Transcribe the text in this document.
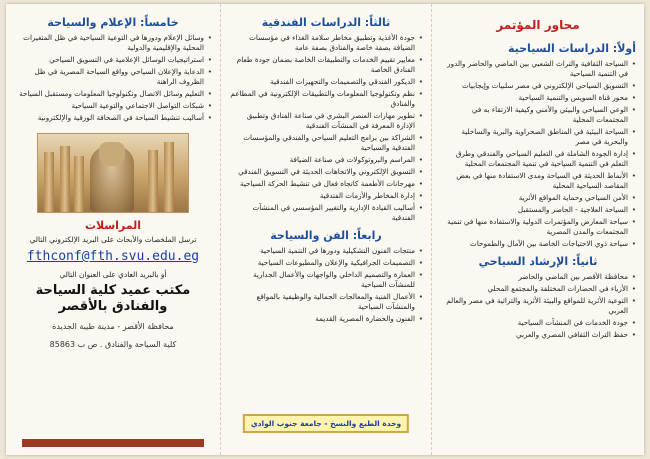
محاور المؤتمر
أولاً: الدراسات السياحية
• السياحة الثقافية والتراث الشعبي بين الماضي والحاضر والدور في التنمية السياحية
• التسويق السياحي الإلكتروني في مصر سلبيات وإيجابيات
• محور قناة السويس والتنمية السياحية
• الوعي السياحي والبيئي والأمني وكيفية الارتقاء به في المجتمعات المحلية
• السياحة البيئية في المناطق الصحراوية والبرية والساحلية والبحرية في مصر
• إدارة الجودة الشاملة في التعليم السياحي والفندقي وطرق التعلم في التنمية السياحية في تنمية المجتمعات المحلية
• الأنماط الحديثة في السياحة ومدى الاستفادة منها في بعض المقاصد السياحية المحلية
• الأمن السياحي وحماية المواقع الأثرية
• السياحة العلاجية - الحاضر والمستقبل
• سياحة المعارض والمؤتمرات الدولية والاستفادة منها في تنمية المجتمعات والمدن المصرية
• سياحة ذوي الاحتياجات الخاصة بين الآمال والطموحات
ثانياً: الإرشاد السياحي
• محافظة الأقصر بين الماضي والحاضر
• الأزياء في الحضارات المختلفة والمجتمع المحلي
• التوعية الأثرية للمواقع والبيئة الأثرية والتراثية في مصر والعالم العربي
• جودة الخدمات في المنشآت السياحية
• حفظ التراث الثقافي المصري والعربي
ثالثاً: الدراسات الفندقية
• جودة الأغذية وتطبيق مخاطر سلامة الغذاء في مؤسسات الضيافة بصفة خاصة والفنادق بصفة عامة
• معايير تقييم الخدمات والتطبيقات الخاصة بضمان جودة طعام الفنادق الخاصة
• الديكور الفندقي والتصميمات والتجهيزات الفندقية
• نظم وتكنولوجيا المعلومات والتطبيقات الإلكترونية في المطاعم والفنادق
• تطوير مهارات العنصر البشري في صناعة الفنادق وتطبيق الإدارة المعرفة في المنشآت الفندقية
• الشراكة بين برامج التعليم السياحي والفندقي والمؤسسات الفندقية والسياحية
• المراسم والبروتوكولات في صناعة الضيافة
• التسويق الإلكتروني والاتجاهات الحديثة في التسويق الفندقي
• مهرجانات الأطعمة كاتجاه فعال في تنشيط الحركة السياحية
• إدارة المخاطر والأزمات الفندقية
• أساليب القيادة الإدارية والتغيير المؤسسي في المنشآت الفندقية
رابعاً: الفن والسياحة
• منتجات الفنون التشكيلية ودورها في التنمية السياحية
• التصميمات الجرافيكية والإعلان والمطبوعات السياحية
• العمارة والتصميم الداخلي والواجهات والأعمال الجدارية للمنشآت السياحية
• الأعمال الفنية والمعالجات الجمالية والوظيفية بالمواقع والمنشآت السياحية
• الفنون والحضارة المصرية القديمة
وحدة الطبع والنسخ - جامعة جنوب الوادي
خامساً: الإعلام والسياحة
• وسائل الإعلام ودورها في التوعية السياحية في ظل المتغيرات المحلية والإقليمية والدولية
• استراتيجيات الوسائل الإعلامية في التسويق السياحي
• الدعاية والإعلان السياحي وواقع السياحة المصرية في ظل الظروف الراهنة
• التعليم وسائل الاتصال وتكنولوجيا المعلومات ومستقبل السياحة
• شبكات التواصل الاجتماعي والتوعية السياحية
• أساليب تنشيط السياحة في الصحافة الورقية والإلكترونية
المراسلات
ترسل الملخصات والأبحاث على البريد الإلكتروني التالي
fthconf@fth.svu.edu.eg
أو بالبريد العادي على العنوان التالي

مكتب عميد كلية السياحة

والفنادق بالأقصر

محافظة الأقصر - مدينة طيبة الجديدة
كلية السياحة والفنادق . ص ب 85863
